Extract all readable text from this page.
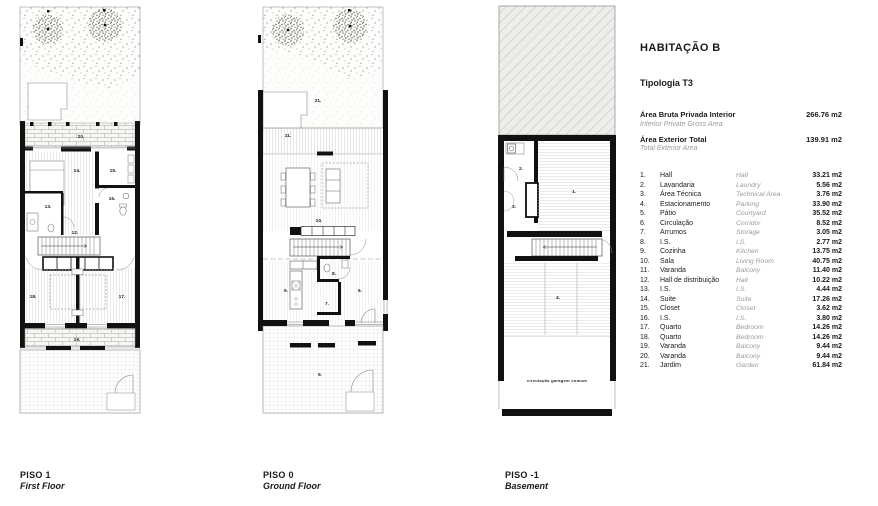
20.
14.	15.
16.
13.
12.
18.	17.
19.
21.
11.
10.
9.
8.
7.
6.
5.
2.
3.
1.
4.
circulação garagem comum
HABITAÇÃO B
Tipologia T3
Área Bruta Privada Interior
Interior Private Gross Area
266.76 m2
Área Exterior Total
Total Exterior Area
139.91 m2
1.	Hall	Hall	33.21 m2
2.	Lavandaria	Laundry	5.56 m2
3.	Área Técnica	Technical Area	3.76 m2
4.	Estacionamento	Parking	33.90 m2
5.	Pátio	Courtyard	35.52 m2
6.	Circulação	Corridor	8.52 m2
7.	Arrumos	Storage	3.05 m2
8.	I.S.	I.S.	2.77 m2
9.	Cozinha	Kitchen	13.75 m2
10.	Sala	Living Room	40.75 m2
11.	Varanda	Balcony	11.40 m2
12.	Hall de distribuição	Hall	10.22 m2
13.	I.S.	I.S.	4.44 m2
14.	Suite	Suite	17.26 m2
15.	Closet	Closet	3.62 m2
16.	I.S.	I.S.	3.80 m2
17.	Quarto	Bedroom	14.26 m2
18.	Quarto	Bedroom	14.26 m2
19.	Varanda	Balcony	9.44 m2
20.	Varanda	Balcony	9.44 m2
21.	Jardim	Garden	61.84 m2
PISO 1
First Floor
PISO 0
Ground Floor
PISO -1
Basement
